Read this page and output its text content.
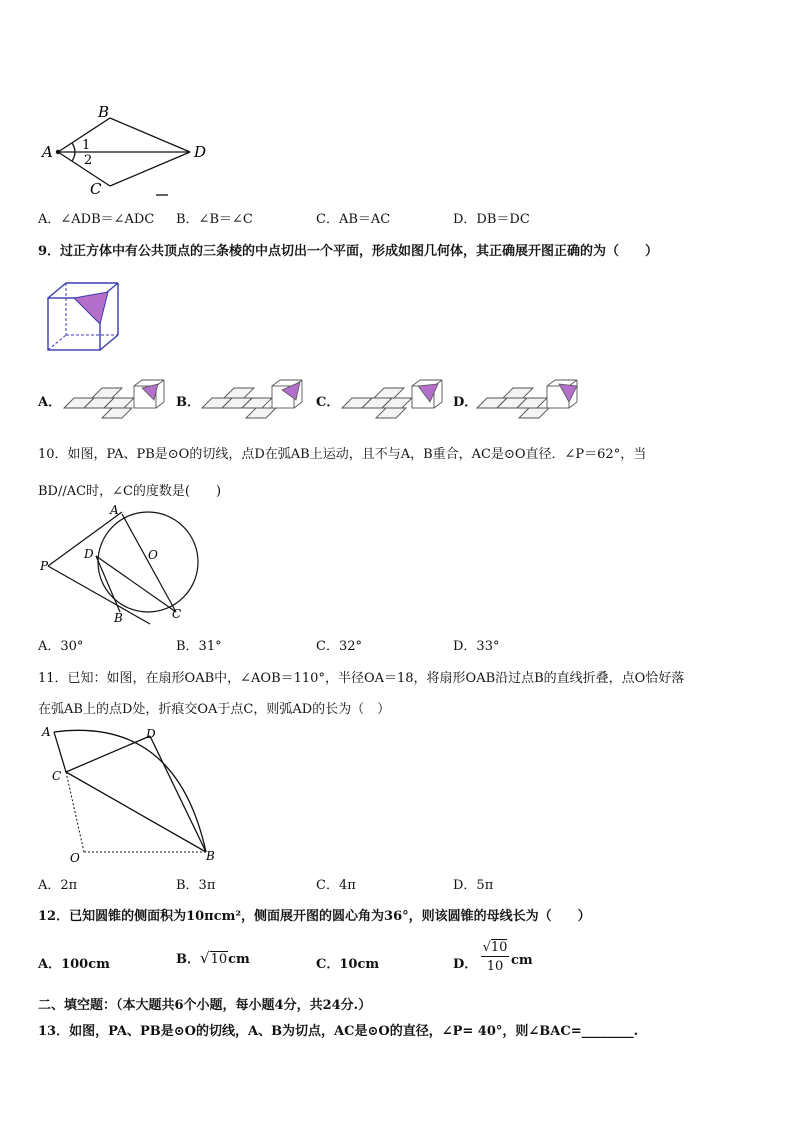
B
A	D
C
1
2
A．∠ADB＝∠ADC B．∠B＝∠C	C．AB＝AC	D．DB＝DC
9．过正方体中有公共顶点的三条棱的中点切出一个平面，形成如图几何体，其正确展开图正确的为（　　）
A．	B．	C．	D．
10．如图，PA、PB是⊙O的切线，点D在弧AB上运动，且不与A，B重合，AC是⊙O直径．∠P＝62°，当
BD//AC时，∠C的度数是(　　)
A
O
D
P
B	C
A．30°	B．31°	C．32°	D．33°
11．已知：如图，在扇形OAB中，∠AOB＝110°，半径OA＝18，将扇形OAB沿过点B的直线折叠，点O恰好落
在弧AB上的点D处，折痕交OA于点C，则弧AD的长为（　）
A	D
C
O	B
A．2π	B．3π	C．4π	D．5π
12．已知圆锥的侧面积为10πcm²，侧面展开图的圆心角为36°，则该圆锥的母线长为（　　）
A．100cm	B．√10cm	C．10cm	D．
√10
10 cm
二、填空题：（本大题共6个小题，每小题4分，共24分.）
13．如图，PA、PB是⊙O的切线，A、B为切点，AC是⊙O的直径，∠P= 40°，则∠BAC=________.
